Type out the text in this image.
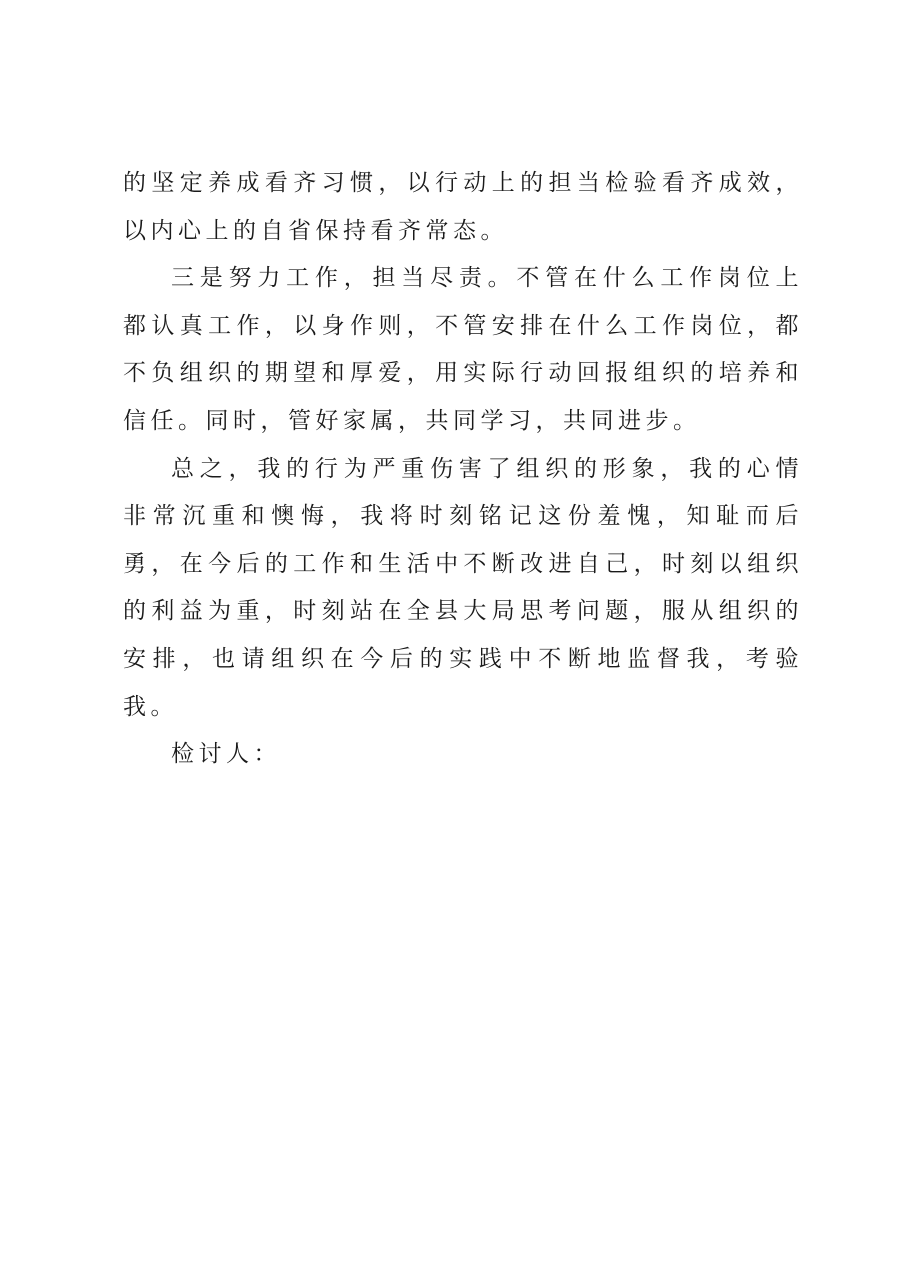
的坚定养成看齐习惯，以行动上的担当检验看齐成效，以内心上的自省保持看齐常态。

三是努力工作，担当尽责。不管在什么工作岗位上都认真工作，以身作则，不管安排在什么工作岗位，都不负组织的期望和厚爱，用实际行动回报组织的培养和信任。同时，管好家属，共同学习，共同进步。

总之，我的行为严重伤害了组织的形象，我的心情非常沉重和懊悔，我将时刻铭记这份羞愧，知耻而后勇，在今后的工作和生活中不断改进自己，时刻以组织的利益为重，时刻站在全县大局思考问题，服从组织的安排，也请组织在今后的实践中不断地监督我，考验我。

检讨人：
